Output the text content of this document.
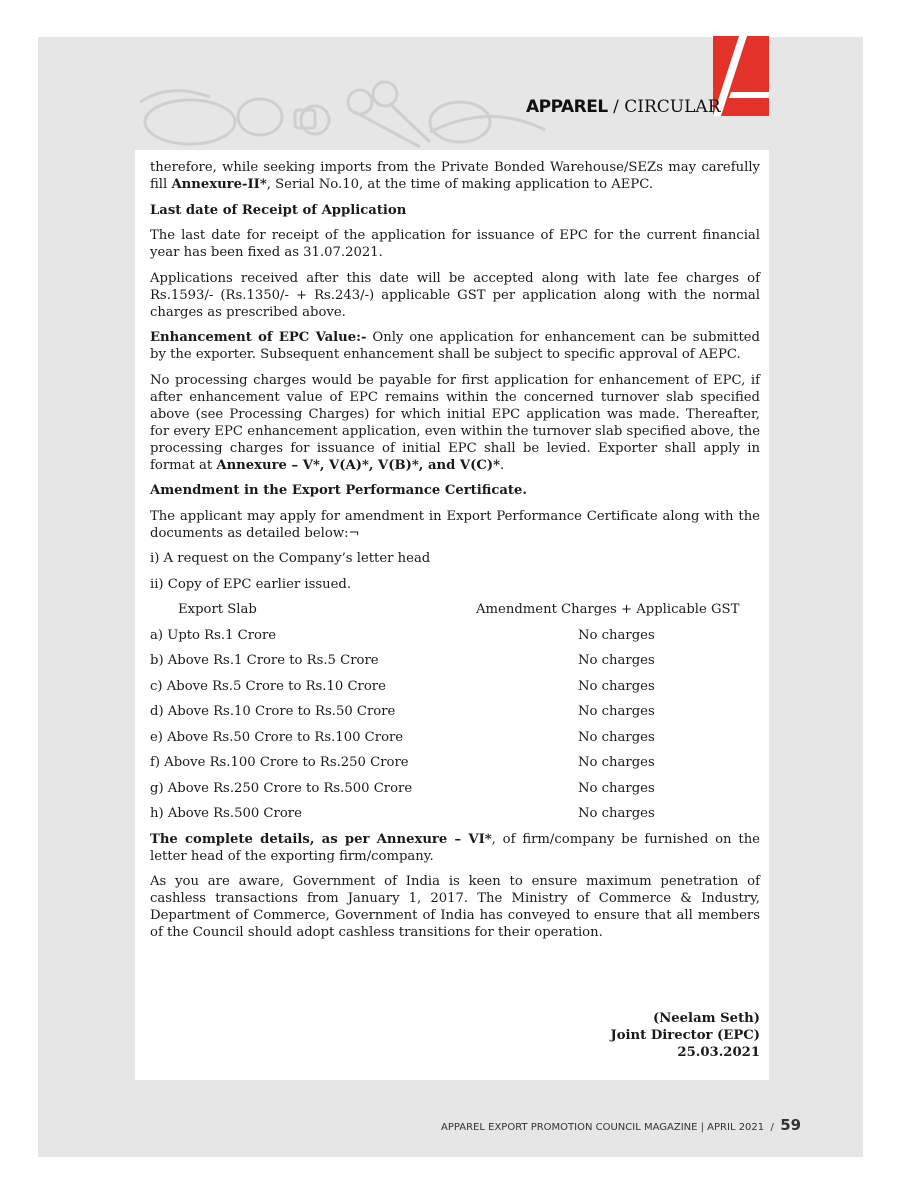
APPAREL / CIRCULAR

therefore, while seeking imports from the Private Bonded Warehouse/SEZs may carefully fill Annexure-II*, Serial No.10, at the time of making application to AEPC.

Last date of Receipt of Application

The last date for receipt of the application for issuance of EPC for the current financial year has been fixed as 31.07.2021.

Applications received after this date will be accepted along with late fee charges of Rs.1593/- (Rs.1350/- + Rs.243/-) applicable GST per application along with the normal charges as prescribed above.

Enhancement of EPC Value:- Only one application for enhancement can be submitted by the exporter. Subsequent enhancement shall be subject to specific approval of AEPC.

No processing charges would be payable for first application for enhancement of EPC, if after enhancement value of EPC remains within the concerned turnover slab specified above (see Processing Charges) for which initial EPC application was made. Thereafter, for every EPC enhancement application, even within the turnover slab specified above, the processing charges for issuance of initial EPC shall be levied. Exporter shall apply in format at Annexure – V*, V(A)*, V(B)*, and V(C)*.

Amendment in the Export Performance Certificate.

The applicant may apply for amendment in Export Performance Certificate along with the documents as detailed below:¬

i) A request on the Company’s letter head
ii) Copy of EPC earlier issued.
Export Slab	Amendment Charges + Applicable GST

a) Upto Rs.1 Crore	No charges
b) Above Rs.1 Crore to Rs.5 Crore	No charges
c) Above Rs.5 Crore to Rs.10 Crore	No charges
d) Above Rs.10 Crore to Rs.50 Crore	No charges
e) Above Rs.50 Crore to Rs.100 Crore	No charges
f) Above Rs.100 Crore to Rs.250 Crore	No charges
g) Above Rs.250 Crore to Rs.500 Crore	No charges
h) Above Rs.500 Crore	No charges

The complete details, as per Annexure – VI*, of firm/company be furnished on the letter head of the exporting firm/company.

As you are aware, Government of India is keen to ensure maximum penetration of cashless transactions from January 1, 2017. The Ministry of Commerce & Industry, Department of Commerce, Government of India has conveyed to ensure that all members of the Council should adopt cashless transitions for their operation.

(Neelam Seth)
Joint Director (EPC)
25.03.2021
APPAREL EXPORT PROMOTION COUNCIL MAGAZINE | APRIL 2021  /  59
